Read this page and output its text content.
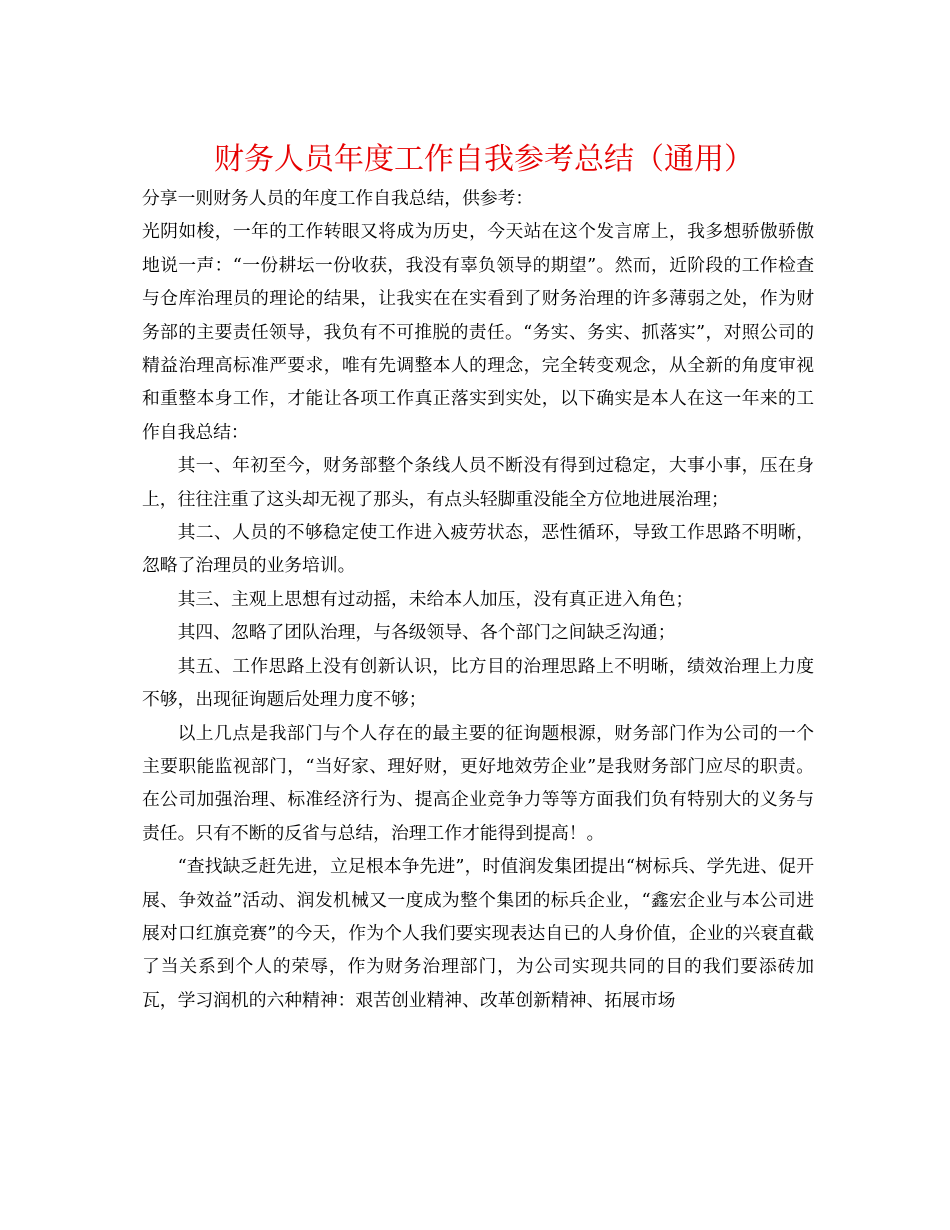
财务人员年度工作自我参考总结（通用）

分享一则财务人员的年度工作自我总结，供参考：

光阴如梭，一年的工作转眼又将成为历史，今天站在这个发言席上，我多想骄傲骄傲地说一声：“一份耕坛一份收获，我没有辜负领导的期望”。然而，近阶段的工作检查与仓库治理员的理论的结果，让我实在在实看到了财务治理的许多薄弱之处，作为财务部的主要责任领导，我负有不可推脱的责任。“务实、务实、抓落实”，对照公司的精益治理高标准严要求，唯有先调整本人的理念，完全转变观念，从全新的角度审视和重整本身工作，才能让各项工作真正落实到实处，以下确实是本人在这一年来的工作自我总结：

其一、年初至今，财务部整个条线人员不断没有得到过稳定，大事小事，压在身上，往往注重了这头却无视了那头，有点头轻脚重没能全方位地进展治理；

其二、人员的不够稳定使工作进入疲劳状态，恶性循环，导致工作思路不明晰，忽略了治理员的业务培训。

其三、主观上思想有过动摇，未给本人加压，没有真正进入角色；

其四、忽略了团队治理，与各级领导、各个部门之间缺乏沟通；

其五、工作思路上没有创新认识，比方目的治理思路上不明晰，绩效治理上力度不够，出现征询题后处理力度不够；

以上几点是我部门与个人存在的最主要的征询题根源，财务部门作为公司的一个主要职能监视部门，“当好家、理好财，更好地效劳企业”是我财务部门应尽的职责。在公司加强治理、标准经济行为、提高企业竞争力等等方面我们负有特别大的义务与责任。只有不断的反省与总结，治理工作才能得到提高！。

“查找缺乏赶先进，立足根本争先进”，时值润发集团提出“树标兵、学先进、促开展、争效益”活动、润发机械又一度成为整个集团的标兵企业，“鑫宏企业与本公司进展对口红旗竞赛”的今天，作为个人我们要实现表达自已的人身价值，企业的兴衰直截了当关系到个人的荣辱，作为财务治理部门，为公司实现共同的目的我们要添砖加瓦，学习润机的六种精神：艰苦创业精神、改革创新精神、拓展市场
